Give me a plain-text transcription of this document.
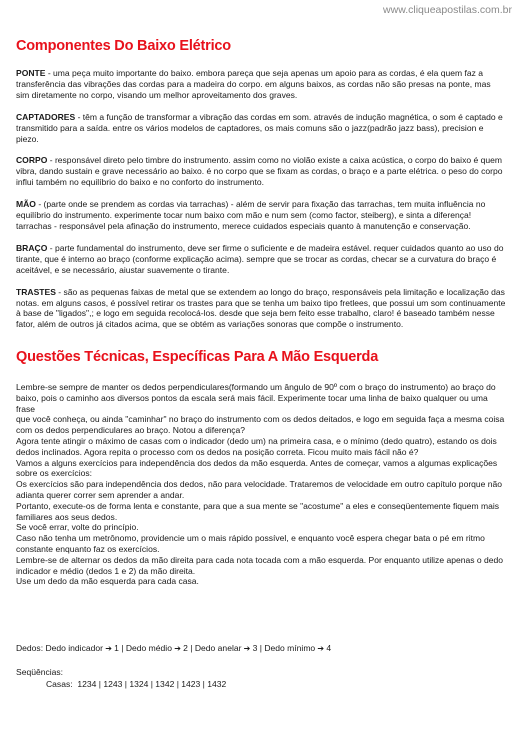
www.cliqueapostilas.com.br
Componentes Do Baixo Elétrico

PONTE - uma peça muito importante do baixo. embora pareça que seja apenas um apoio para as cordas, é ela quem faz a transferência das vibrações das cordas para a madeira do corpo. em alguns baixos, as cordas não são presas na ponte, mas sim diretamente no corpo, visando um melhor aproveitamento dos graves.

CAPTADORES - têm a função de transformar a vibração das cordas em som. através de indução magnética, o som é captado e transmitido para a saída. entre os vários modelos de captadores, os mais comuns são o jazz(padrão jazz bass), precision e piezo.

CORPO - responsável direto pelo timbre do instrumento. assim como no violão existe a caixa acústica, o corpo do baixo é quem vibra, dando sustain e grave necessário ao baixo. é no corpo que se fixam as cordas, o braço e a parte elétrica. o peso do corpo influi também no equilíbrio do baixo e no conforto do instrumento.

MÃO - (parte onde se prendem as cordas via tarrachas) - além de servir para fixação das tarrachas, tem muita influência no equilíbrio do instrumento. experimente tocar num baixo com mão e num sem (como factor, steiberg), e sinta a diferença! tarrachas - responsável pela afinação do instrumento, merece cuidados especiais quanto à manutenção e conservação.

BRAÇO - parte fundamental do instrumento, deve ser firme o suficiente e de madeira estável. requer cuidados quanto ao uso do tirante, que é interno ao braço (conforme explicação acima). sempre que se trocar as cordas, checar se a curvatura do braço é aceitável, e se necessário, aiustar suavemente o tirante.

TRASTES - são as pequenas faixas de metal que se extendem ao longo do braço, responsáveis pela limitação e localização das notas. em alguns casos, é possível retirar os trastes para que se tenha um baixo tipo fretlees, que possui um som continuamente à base de "ligados",; e logo em seguida recolocá-los. desde que seja bem feito esse trabalho, claro! é baseado também nesse fator, além de outros já citados acima, que se obtém as variações sonoras que compõe o instrumento.

Questões Técnicas, Específicas Para A Mão Esquerda
Lembre-se sempre de manter os dedos perpendiculares(formando um ângulo de 90º com o braço do instrumento) ao braço do
baixo, pois o caminho aos diversos pontos da escala será mais fácil. Experimente tocar uma linha de baixo qualquer ou uma frase
que você conheça, ou ainda "caminhar" no braço do instrumento com os dedos deitados, e logo em seguida faça a mesma coisa
com os dedos perpendiculares ao braço. Notou a diferença?
Agora tente atingir o máximo de casas com o indicador (dedo um) na primeira casa, e o mínimo (dedo quatro), estando os dois
dedos inclinados. Agora repita o processo com os dedos na posição correta. Ficou muito mais fácil não é?
Vamos a alguns exercícios para independência dos dedos da mão esquerda. Antes de começar, vamos a algumas explicações
sobre os exercícios:
Os exercícios são para independência dos dedos, não para velocidade. Trataremos de velocidade em outro capítulo porque não
adianta querer correr sem aprender a andar.
Portanto, execute-os de forma lenta e constante, para que a sua mente se "acostume" a eles e conseqüentemente fiquem mais
familiares aos seus dedos.
Se você errar, volte do princípio.
Caso não tenha um metrônomo, providencie um o mais rápido possível, e enquanto você espera chegar bata o pé em ritmo
constante enquanto faz os exercícios.
Lembre-se de alternar os dedos da mão direita para cada nota tocada com a mão esquerda. Por enquanto utilize apenas o dedo
indicador e médio (dedos 1 e 2) da mão direita.
Use um dedo da mão esquerda para cada casa.
Dedos: Dedo indicador ➔ 1 | Dedo médio ➔ 2 | Dedo anelar ➔ 3 | Dedo mínimo ➔ 4
Seqüências:
Casas: 1234 | 1243 | 1324 | 1342 | 1423 | 1432
